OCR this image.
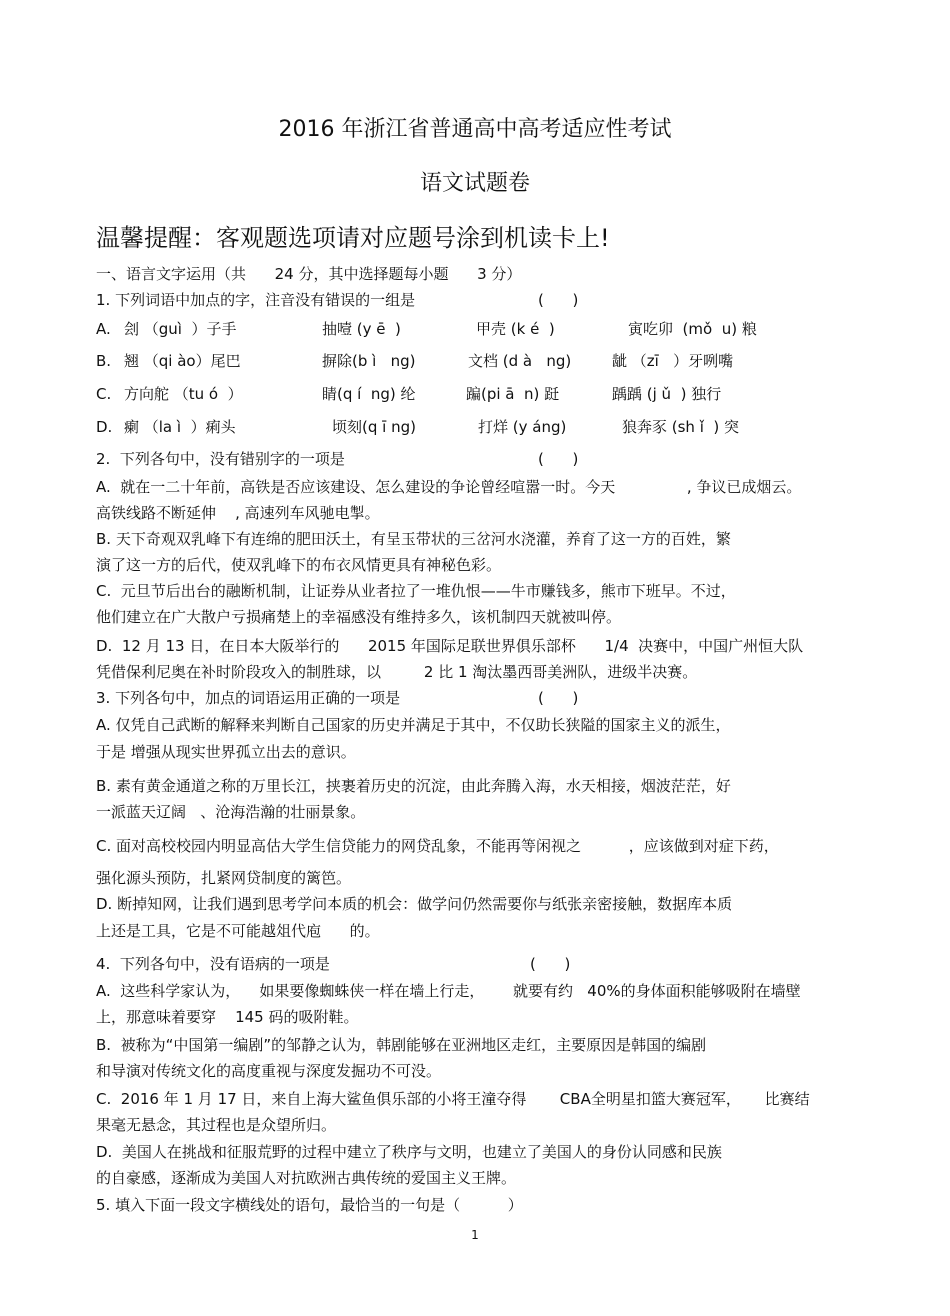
2016 年浙江省普通高中高考适应性考试
语文试题卷
温馨提醒：客观题选项请对应题号涂到机读卡上!
一、语言文字运用（共      24 分，其中选择题每小题      3 分）
1. 下列词语中加点的字，注音没有错误的一组是	(      )
A. 刽 （guì  ）子手	抽噎 (y ē  )	甲壳 (k é  )	寅吃卯  (mǒ  u) 粮
B. 翘 （qi ào）尾巴	摒除(b ì   ng)	文档 (d à   ng)	龇 （zī   ）牙咧嘴
C. 方向舵 （tu ó  ）	睛(q í  ng) 纶	蹁(pi ā  n) 跹	踽踽 (j ǔ  ) 独行
D. 瘌 （la ì  ）痢头	顷刻(q ī ng)	打烊 (y áng)	狼奔豕 (sh ǐ  ) 突
2.  下列各句中，没有错别字的一项是	(      )
A.  就在一二十年前，高铁是否应该建设、怎么建设的争论曾经喧嚣一时。今天               , 争议已成烟云。
高铁线路不断延伸    , 高速列车风驰电掣。
B. 天下奇观双乳峰下有连绵的肥田沃土，有呈玉带状的三岔河水浇灌，养育了这一方的百姓，繁
演了这一方的后代，使双乳峰下的布衣风情更具有神秘色彩。
C.  元旦节后出台的融断机制，让证券从业者拉了一堆仇恨——牛市赚钱多，熊市下班早。不过，
他们建立在广大散户亏损痛楚上的幸福感没有维持多久，该机制四天就被叫停。
D.  12 月 13 日，在日本大阪举行的      2015 年国际足联世界俱乐部杯      1/4  决赛中，中国广州恒大队
凭借保利尼奥在补时阶段攻入的制胜球，以         2 比 1 淘汰墨西哥美洲队，进级半决赛。
3. 下列各句中，加点的词语运用正确的一项是	(      )
A. 仅凭自己武断的解释来判断自己国家的历史并满足于其中，不仅助长狭隘的国家主义的派生，
于是 增强从现实世界孤立出去的意识。
B. 素有黄金通道之称的万里长江，挟裹着历史的沉淀，由此奔腾入海，水天相接，烟波茫茫，好
一派蓝天辽阔   、沧海浩瀚的壮丽景象。
C. 面对高校校园内明显高估大学生信贷能力的网贷乱象，不能再等闲视之          ，应该做到对症下药，
强化源头预防，扎紧网贷制度的篱笆。
D. 断掉知网，让我们遇到思考学问本质的机会：做学问仍然需要你与纸张亲密接触，数据库本质
上还是工具，它是不可能越俎代庖      的。
4.  下列各句中，没有语病的一项是	(      )
A.  这些科学家认为，    如果要像蜘蛛侠一样在墙上行走，      就要有约   40%的身体面积能够吸附在墙壁
上，那意味着要穿    145 码的吸附鞋。
B.  被称为“中国第一编剧”的邹静之认为，韩剧能够在亚洲地区走红，主要原因是韩国的编剧
和导演对传统文化的高度重视与深度发掘功不可没。
C.  2016 年 1 月 17 日，来自上海大鲨鱼俱乐部的小将王潼夺得       CBA全明星扣篮大赛冠军，     比赛结
果毫无悬念，其过程也是众望所归。
D.  美国人在挑战和征服荒野的过程中建立了秩序与文明，也建立了美国人的身份认同感和民族
的自豪感，逐渐成为美国人对抗欧洲古典传统的爱国主义王牌。
5. 填入下面一段文字横线处的语句，最恰当的一句是（          ）
1
